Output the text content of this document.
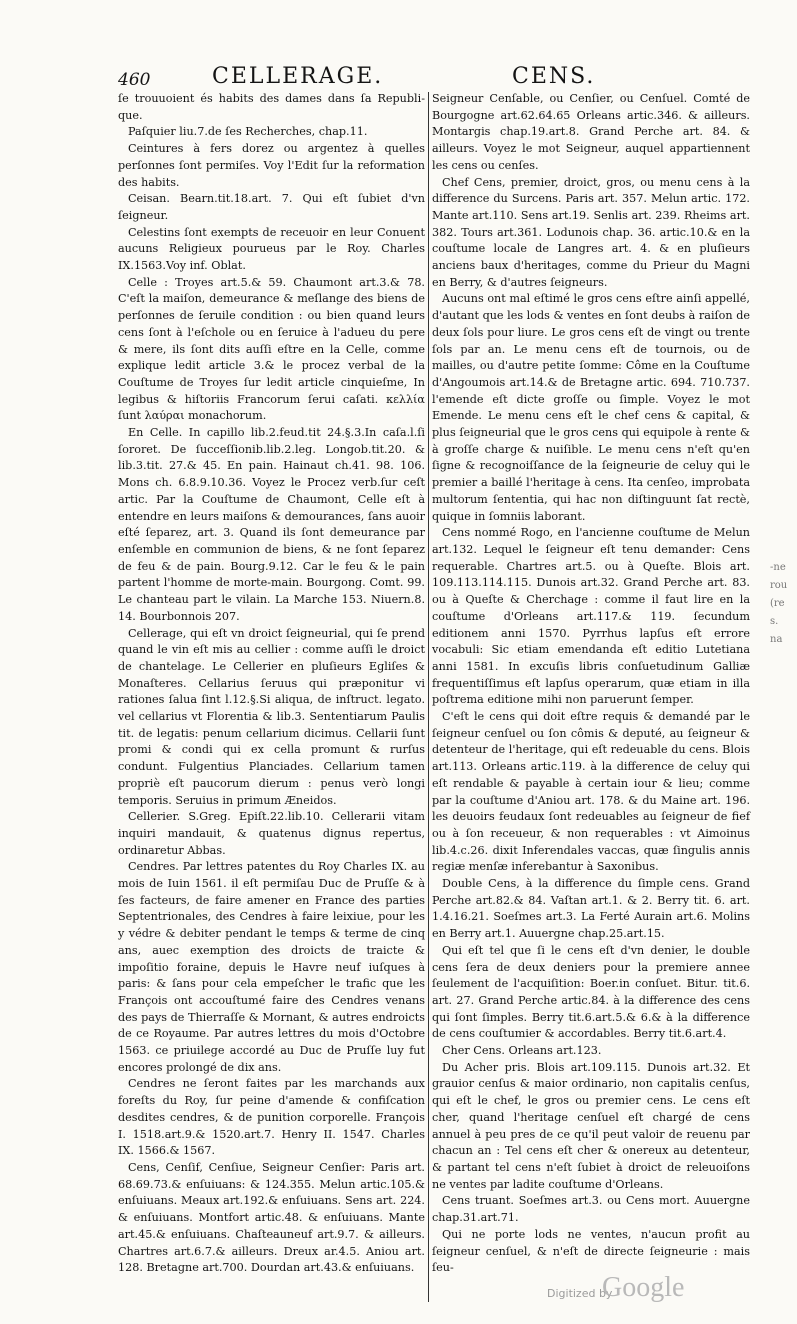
460	CELLERAGE.	CENS.

ſe trouuoient és habits des dames dans ſa Republi-que.

Paſquier liu.7.de ſes Recherches, chap.11.

Ceintures à fers dorez ou argentez à quelles perſonnes ſont permiſes. Voy l'Edit ſur la reformation des habits.

Ceisan. Bearn.tit.18.art. 7. Qui eſt ſubiet d'vn ſeigneur.

Celestins ſont exempts de receuoir en leur Conuent aucuns Religieux pourueus par le Roy. Charles IX.1563.Voy inf. Oblat.

Celle : Troyes art.5.& 59. Chaumont art.3.& 78. C'eſt la maiſon, demeurance & meſlange des biens de perſonnes de ſeruile condition : ou bien quand leurs cens ſont à l'eſchole ou en ſeruice à l'adueu du pere & mere, ils ſont dits auſſi eſtre en la Celle, comme explique ledit article 3.& le procez verbal de la Couſtume de Troyes ſur ledit article cinquieſme, In legibus & hiſtoriis Francorum ſerui caſati. κελλία ſunt λαύραι monachorum.

En Celle. In capillo lib.2.feud.tit 24.§.3.In caſa.l.ſi ſororet. De ſucceſſionib.lib.2.leg. Longob.tit.20. & lib.3.tit. 27.& 45. En pain. Hainaut ch.41. 98. 106. Mons ch. 6.8.9.10.36. Voyez le Procez verb.ſur ceſt artic. Par la Couſtume de Chaumont, Celle eſt à entendre en leurs maiſons & demourances, ſans auoir eſté ſeparez, art. 3. Quand ils ſont demeurance par enſemble en communion de biens, & ne ſont ſeparez de feu & de pain. Bourg.9.12. Car le feu & le pain partent l'homme de morte-main. Bourgong. Comt. 99. Le chanteau part le vilain. La Marche 153. Niuern.8. 14. Bourbonnois 207.

Cellerage, qui eſt vn droict ſeigneurial, qui ſe prend quand le vin eſt mis au cellier : comme auſſi le droict de chantelage. Le Cellerier en pluſieurs Egliſes & Monaſteres. Cellarius ſeruus qui præponitur vi rationes ſalua ſint l.12.§.Si aliqua, de inſtruct. legato. vel cellarius vt Florentia & lib.3. Sententiarum Paulis tit. de legatis: penum cellarium dicimus. Cellarii ſunt promi & condi qui ex cella promunt & rurſus condunt. Fulgentius Planciades. Cellarium tamen propriè eſt paucorum dierum : penus verò longi temporis. Seruius in primum Æneidos.

Cellerier. S.Greg. Epiſt.22.lib.10. Cellerarii vitam inquiri mandauit, & quatenus dignus repertus, ordinaretur Abbas.

Cendres. Par lettres patentes du Roy Charles IX. au mois de Iuin 1561. il eſt permiſau Duc de Pruſſe & à ſes facteurs, de faire amener en France des parties Septentrionales, des Cendres à faire leixiue, pour les y védre & debiter pendant le temps & terme de cinq ans, auec exemption des droicts de traicte & impoſitio foraine, depuis le Havre neuf iuſques à paris: & ſans pour cela empeſcher le trafic que les François ont accouſtumé faire des Cendres venans des pays de Thierraſſe & Mornant, & autres endroicts de ce Royaume. Par autres lettres du mois d'Octobre 1563. ce priuilege accordé au Duc de Pruſſe luy fut encores prolongé de dix ans.

Cendres ne ſeront faites par les marchands aux foreſts du Roy, ſur peine d'amende & confiſcation desdites cendres, & de punition corporelle. François I. 1518.art.9.& 1520.art.7. Henry II. 1547. Charles IX. 1566.& 1567.

Cens, Cenſif, Cenſiue, Seigneur Cenſier: Paris art. 68.69.73.& enſuiuans: & 124.355. Melun artic.105.& enſuiuans. Meaux art.192.& enſuiuans. Sens art. 224. & enſuiuans. Montfort artic.48. & enſuiuans. Mante art.45.& enſuiuans. Chaſteauneuf art.9.7. & ailleurs. Chartres art.6.7.& ailleurs. Dreux ar.4.5. Aniou art. 128. Bretagne art.700. Dourdan art.43.& enſuiuans.

Seigneur Cenſable, ou Cenſier, ou Cenſuel. Comté de Bourgogne art.62.64.65 Orleans artic.346. & ailleurs. Montargis chap.19.art.8. Grand Perche art. 84. & ailleurs. Voyez le mot Seigneur, auquel appartiennent les cens ou cenſes.

Chef Cens, premier, droict, gros, ou menu cens à la difference du Surcens. Paris art. 357. Melun artic. 172. Mante art.110. Sens art.19. Senlis art. 239. Rheims art. 382. Tours art.361. Lodunois chap. 36. artic.10.& en la couſtume locale de Langres art. 4. & en pluſieurs anciens baux d'heritages, comme du Prieur du Magni en Berry, & d'autres ſeigneurs.

Aucuns ont mal eſtimé le gros cens eſtre ainſi appellé, d'autant que les lods & ventes en ſont deubs à raiſon de deux ſols pour liure. Le gros cens eſt de vingt ou trente ſols par an. Le menu cens eſt de tournois, ou de mailles, ou d'autre petite ſomme: Côme en la Couſtume d'Angoumois art.14.& de Bretagne artic. 694. 710.737. l'emende eſt dicte groſſe ou ſimple. Voyez le mot Emende. Le menu cens eſt le chef cens & capital, & plus ſeigneurial que le gros cens qui equipole à rente & à groſſe charge & nuiſible. Le menu cens n'eſt qu'en ſigne & recognoiſſance de la ſeigneurie de celuy qui le premier a baillé l'heritage à cens. Ita cenſeo, improbata multorum ſententia, qui hac non diſtinguunt ſat rectè, quique in ſomniis laborant.

Cens nommé Rogo, en l'ancienne couſtume de Melun art.132. Lequel le ſeigneur eſt tenu demander: Cens requerable. Chartres art.5. ou à Queſte. Blois art. 109.113.114.115. Dunois art.32. Grand Perche art. 83. ou à Queſte & Cherchage : comme il faut lire en la couſtume d'Orleans art.117.& 119. ſecundum editionem anni 1570. Pyrrhus lapſus eſt errore vocabuli: Sic etiam emendanda eſt editio Lutetiana anni 1581. In excuſis libris conſuetudinum Galliæ frequentiſſimus eſt lapſus operarum, quæ etiam in illa poſtrema editione mihi non paruerunt ſemper.

C'eſt le cens qui doit eſtre requis & demandé par le ſeigneur cenſuel ou ſon cômis & deputé, au ſeigneur & detenteur de l'heritage, qui eſt redeuable du cens. Blois art.113. Orleans artic.119. à la difference de celuy qui eſt rendable & payable à certain iour & lieu; comme par la couſtume d'Aniou art. 178. & du Maine art. 196. les deuoirs feudaux ſont redeuables au ſeigneur de fief ou à ſon receueur, & non requerables : vt Aimoinus lib.4.c.26. dixit Inferendales vaccas, quæ ſingulis annis regiæ menſæ inferebantur à Saxonibus.

Double Cens, à la difference du ſimple cens. Grand Perche art.82.& 84. Vaſtan art.1. & 2. Berry tit. 6. art. 1.4.16.21. Soeſmes art.3. La Ferté Aurain art.6. Molins en Berry art.1. Auuergne chap.25.art.15.

Qui eſt tel que ſi le cens eſt d'vn denier, le double cens ſera de deux deniers pour la premiere annee ſeulement de l'acquiſition: Boer.in conſuet. Bitur. tit.6. art. 27. Grand Perche artic.84. à la difference des cens qui ſont ſimples. Berry tit.6.art.5.& 6.& à la difference de cens couſtumier & accordables. Berry tit.6.art.4.

Cher Cens. Orleans art.123.

Du Acher pris. Blois art.109.115. Dunois art.32. Et grauior cenſus & maior ordinario, non capitalis cenſus, qui eſt le chef, le gros ou premier cens. Le cens eſt cher, quand l'heritage cenſuel eſt chargé de cens annuel à peu pres de ce qu'il peut valoir de reuenu par chacun an : Tel cens eſt cher & onereux au detenteur, & partant tel cens n'eſt ſubiet à droict de releuoiſons ne ventes par ladite couſtume d'Orleans.

Cens truant. Soeſmes art.3. ou Cens mort. Auuergne chap.31.art.71.

Qui ne porte lods ne ventes, n'aucun profit au ſeigneur cenſuel, & n'eſt de directe ſeigneurie : mais ſeu-

‑ne
rou
(re
s.
na
Digitized by
Google
